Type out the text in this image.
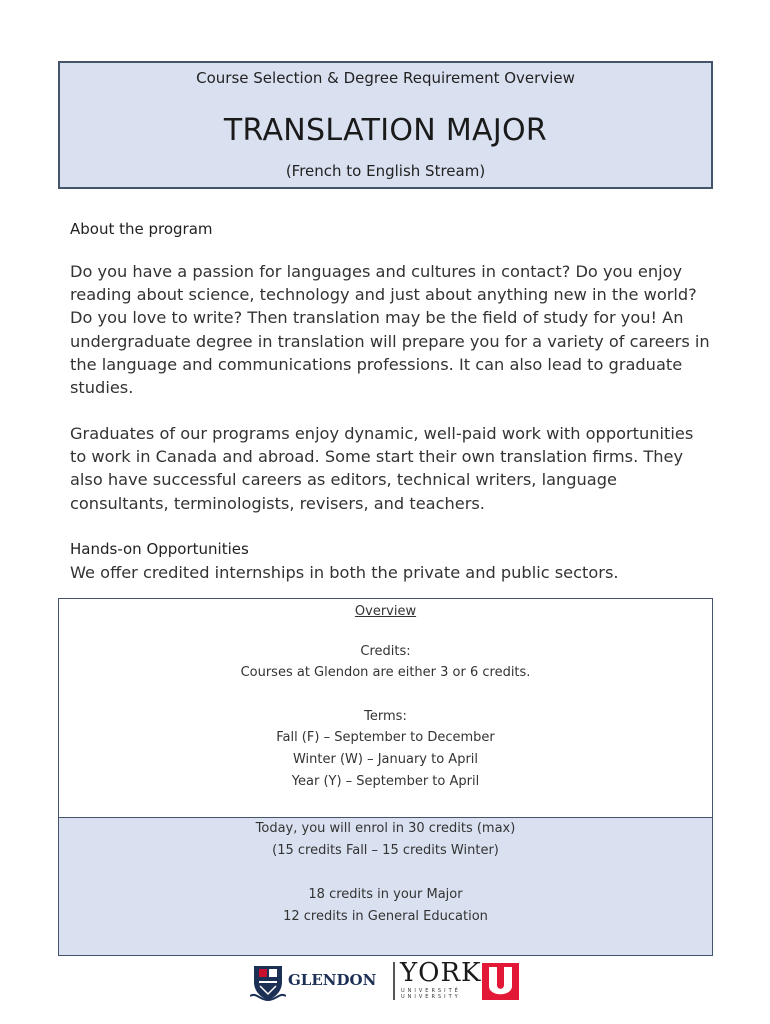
Course Selection & Degree Requirement Overview
TRANSLATION MAJOR
(French to English Stream)
About the program

Do you have a passion for languages and cultures in contact? Do you enjoy reading about science, technology and just about anything new in the world? Do you love to write? Then translation may be the field of study for you! An undergraduate degree in translation will prepare you for a variety of careers in the language and communications professions. It can also lead to graduate studies.

Graduates of our programs enjoy dynamic, well-paid work with opportunities to work in Canada and abroad. Some start their own translation firms. They also have successful careers as editors, technical writers, language consultants, terminologists, revisers, and teachers.

Hands-on Opportunities

We offer credited internships in both the private and public sectors.

Overview
Credits:
Courses at Glendon are either 3 or 6 credits.
Terms:
Fall (F) – September to December
Winter (W) – January to April
Year (Y) – September to April
Today, you will enrol in 30 credits (max)
(15 credits Fall – 15 credits Winter)
18 credits in your Major
12 credits in General Education
GLENDON YORK
UNIVERSITÉ
UNIVERSITY
